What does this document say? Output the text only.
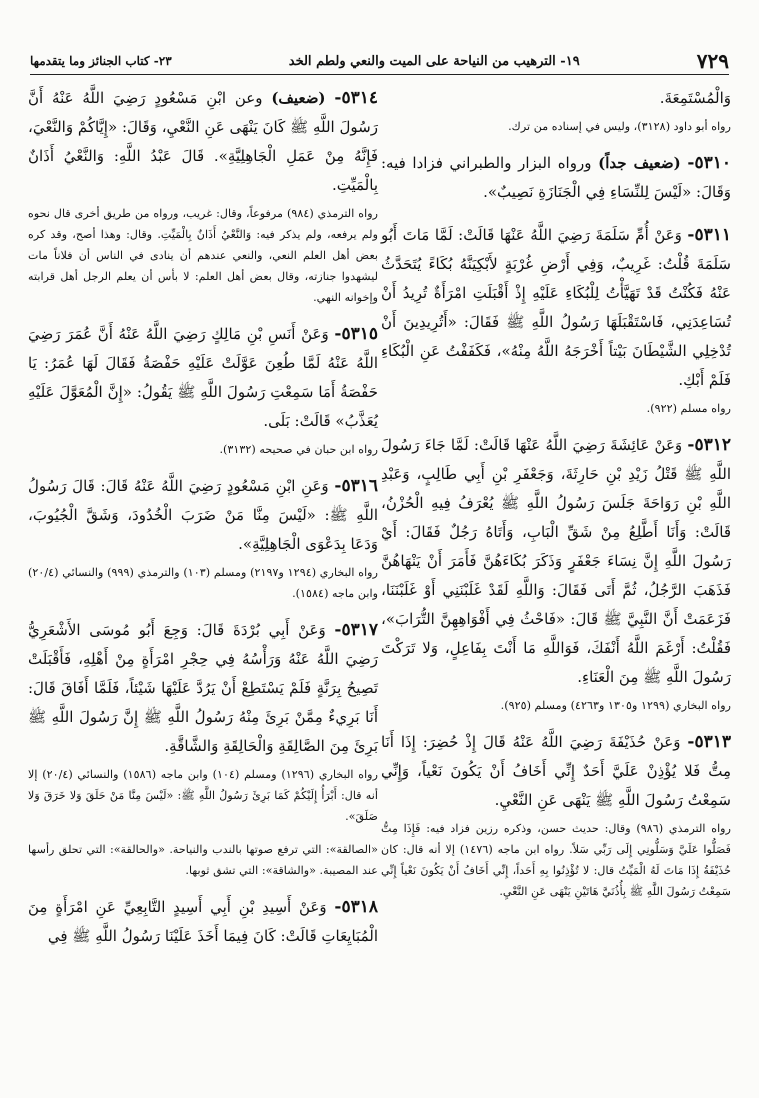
٧٢٩
١٩- الترهيب من النياحة على الميت والنعي ولطم الخد
٢٣- كتاب الجنائز وما يتقدمها

وَالْمُسْتَمِعَةَ.

رواه أبو داود (٣١٢٨)، وليس في إسناده من ترك.

٥٣١٠- (ضعيف جداً) ورواه البزار والطبراني فزادا فيه: وَقَالَ: «لَيْسَ لِلنِّسَاءِ فِي الْجَنَازَةِ نَصِيبٌ».

٥٣١١- وَعَنْ أُمِّ سَلَمَةَ رَضِيَ اللَّهُ عَنْهَا قَالَتْ: لَمَّا مَاتَ أَبُو سَلَمَةَ قُلْتُ: غَرِيبٌ، وَفِي أَرْضِ غُرْبَةٍ لأَبْكِيَنَّهُ بُكَاءً يُتَحَدَّثُ عَنْهُ فَكُنْتُ قَدْ تَهَيَّأْتُ لِلْبُكَاءِ عَلَيْهِ إِذْ أَقْبَلَتِ امْرَأَةٌ تُرِيدُ أَنْ تُسَاعِدَنِي، فَاسْتَقْبَلَهَا رَسُولُ اللَّهِ ﷺ فَقَالَ: «أَتُرِيدِينَ أَنْ تُدْخِلِي الشَّيْطَانَ بَيْتاً أَخْرَجَهُ اللَّهُ مِنْهُ»، فَكَفَفْتُ عَنِ الْبُكَاءِ فَلَمْ أَبْكِ.

رواه مسلم (٩٢٢).

٥٣١٢- وَعَنْ عَائِشَةَ رَضِيَ اللَّهُ عَنْهَا قَالَتْ: لَمَّا جَاءَ رَسُولَ اللَّهِ ﷺ قَتْلُ زَيْدِ بْنِ حَارِثَةَ، وَجَعْفَرِ بْنِ أَبِي طَالِبٍ، وَعَبْدِ اللَّهِ بْنِ رَوَاحَةَ جَلَسَ رَسُولُ اللَّهِ ﷺ يُعْرَفُ فِيهِ الْحُزْنُ، قَالَتْ: وَأَنَا أَطَّلِعُ مِنْ شَقِّ الْبَابِ، وَأَتَاهُ رَجُلٌ فَقَالَ: أَيْ رَسُولَ اللَّهِ إِنَّ نِسَاءَ جَعْفَرٍ وَذَكَرَ بُكَاءَهُنَّ فَأَمَرَ أَنْ يَنْهَاهُنَّ فَذَهَبَ الرَّجُلُ، ثُمَّ أَتَى فَقَالَ: وَاللَّهِ لَقَدْ غَلَبْنَنِي أَوْ غَلَبْنَنَا، فَزَعَمَتْ أَنَّ النَّبِيَّ ﷺ قَالَ: «فَاحْثُ فِي أَفْوَاهِهِنَّ التُّرَابَ»، فَقُلْتُ: أَرْغَمَ اللَّهُ أَنْفَكَ، فَوَاللَّهِ مَا أَنْتَ بِفَاعِلٍ، وَلا تَرَكْتَ رَسُولَ اللَّهِ ﷺ مِنَ الْعَنَاءِ.

رواه البخاري (١٢٩٩ و١٣٠٥ و٤٢٦٣) ومسلم (٩٢٥).

٥٣١٣- وَعَنْ حُذَيْفَةَ رَضِيَ اللَّهُ عَنْهُ قَالَ إِذْ حُضِرَ: إِذَا أَنَا مِتُّ فَلا يُؤْذِنْ عَلَيَّ أَحَدٌ إِنِّي أَخَافُ أَنْ يَكُونَ نَعْياً، وَإِنِّي سَمِعْتُ رَسُولَ اللَّهِ ﷺ يَنْهَى عَنِ النَّعْيِ.

رواه الترمذي (٩٨٦) وقال: حديث حسن، وذكره رزين فزاد فيه: فَإِذَا مِتُّ فَصَلُّوا عَلَيَّ وَسَلُّونِي إِلَى رَبِّي سَلاً. رواه ابن ماجه (١٤٧٦) إلا أنه قال: كان حُذَيْفَةُ إِذَا مَاتَ لَهُ الْمَيِّتُ قال: لا تُؤْذِنُوا بِهِ أَحَداً، إِنِّي أَخَافُ أَنْ يَكُونَ نَعْياً إِنِّي سَمِعْتُ رَسُولَ اللَّهِ ﷺ بِأُذُنَيَّ هَاتَيْنِ يَنْهَى عَنِ النَّعْيِ.

٥٣١٤- (ضعيف) وعن ابْنِ مَسْعُودٍ رَضِيَ اللَّهُ عَنْهُ أَنَّ رَسُولَ اللَّهِ ﷺ كَانَ يَنْهَى عَنِ النَّعْيِ، وَقَالَ: «إِيَّاكُمْ وَالنَّعْيَ، فَإِنَّهُ مِنْ عَمَلِ الْجَاهِلِيَّةِ». قَالَ عَبْدُ اللَّهِ: وَالنَّعْيُ أَذَانٌ بِالْمَيِّتِ.

رواه الترمذي (٩٨٤) مرفوعاً، وقال: غريب، ورواه من طريق أخرى قال نحوه ولم يرفعه، ولم يذكر فيه: وَالنَّعْيُ أَذَانٌ بِالْمَيِّتِ. وقال: وهذا أصح، وقد كره بعض أهل العلم النعي، والنعي عندهم أن ينادى في الناس أن فلاناً مات ليشهدوا جنازته، وقال بعض أهل العلم: لا بأس أن يعلم الرجل أهل قرابته وإخوانه النهي.

٥٣١٥- وَعَنْ أَنَسِ بْنِ مَالِكٍ رَضِيَ اللَّهُ عَنْهُ أَنَّ عُمَرَ رَضِيَ اللَّهُ عَنْهُ لَمَّا طُعِنَ عَوَّلَتْ عَلَيْهِ حَفْصَةُ فَقَالَ لَهَا عُمَرُ: يَا حَفْصَةُ أَمَا سَمِعْتِ رَسُولَ اللَّهِ ﷺ يَقُولُ: «إِنَّ الْمُعَوَّلَ عَلَيْهِ يُعَذَّبُ» قَالَتْ: بَلَى.

رواه ابن حبان في صحيحه (٣١٣٢).

٥٣١٦- وَعَنِ ابْنِ مَسْعُودٍ رَضِيَ اللَّهُ عَنْهُ قَالَ: قَالَ رَسُولُ اللَّهِ ﷺ: «لَيْسَ مِنَّا مَنْ ضَرَبَ الْخُدُودَ، وَشَقَّ الْجُيُوبَ، وَدَعَا بِدَعْوَى الْجَاهِلِيَّةِ».

رواه البخاري (١٢٩٤ و٢١٩٧) ومسلم (١٠٣) والترمذي (٩٩٩) والنسائي (٢٠/٤) وابن ماجه (١٥٨٤).

٥٣١٧- وَعَنْ أَبِي بُرْدَةَ قَالَ: وَجِعَ أَبُو مُوسَى الأَشْعَرِيُّ رَضِيَ اللَّهُ عَنْهُ وَرَأْسُهُ فِي حِجْرِ امْرَأَةٍ مِنْ أَهْلِهِ، فَأَقْبَلَتْ تَصِيحُ بِرَنَّةٍ فَلَمْ يَسْتَطِعْ أَنْ يَرُدَّ عَلَيْهَا شَيْئاً، فَلَمَّا أَفَاقَ قَالَ: أَنَا بَرِيءٌ مِمَّنْ بَرِئَ مِنْهُ رَسُولُ اللَّهِ ﷺ إِنَّ رَسُولَ اللَّهِ ﷺ بَرِئَ مِنَ الصَّالِقَةِ وَالْحَالِقَةِ وَالشَّاقَّةِ.

رواه البخاري (١٢٩٦) ومسلم (١٠٤) وابن ماجه (١٥٨٦) والنسائي (٢٠/٤) إلا أنه قال: أَبْرَأُ إِلَيْكُمْ كَمَا بَرِئَ رَسُولُ اللَّهِ ﷺ: «لَيْسَ مِنَّا مَنْ حَلَقَ وَلا خَرَقَ وَلا صَلَقَ».

«الصالقة»: التي ترفع صوتها بالندب والنياحة. «والحالقة»: التي تحلق رأسها عند المصيبة. «والشاقة»: التي تشق ثوبها.

٥٣١٨- وَعَنْ أَسِيدِ بْنِ أَبِي أَسِيدٍ التَّابِعِيِّ عَنِ امْرَأَةٍ مِنَ الْمُبَايِعَاتِ قَالَتْ: كَانَ فِيمَا أَخَذَ عَلَيْنَا رَسُولُ اللَّهِ ﷺ فِي
